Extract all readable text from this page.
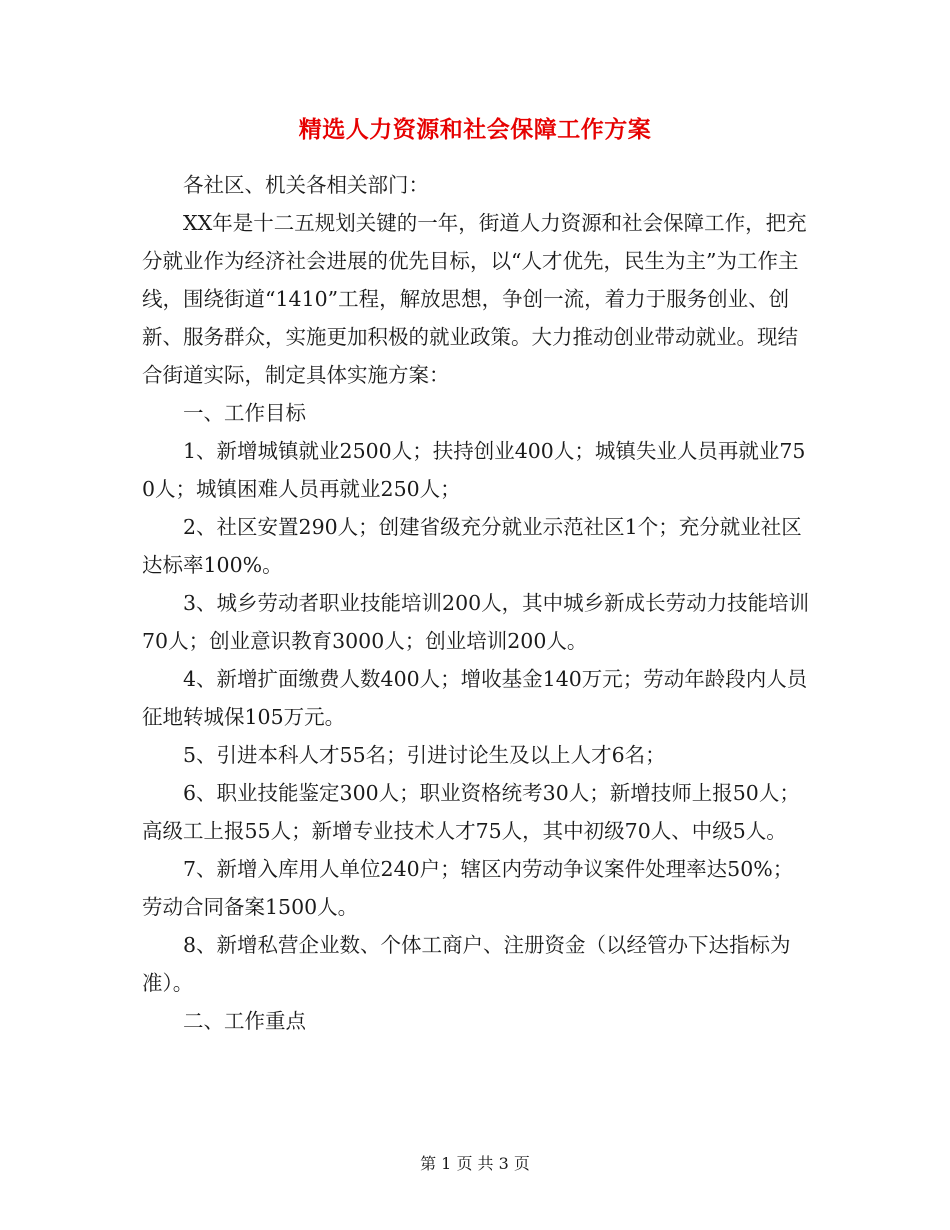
精选人力资源和社会保障工作方案

各社区、机关各相关部门：

XX年是十二五规划关键的一年，街道人力资源和社会保障工作，把充分就业作为经济社会进展的优先目标，以“人才优先，民生为主”为工作主线，围绕街道“1410”工程，解放思想，争创一流，着力于服务创业、创新、服务群众，实施更加积极的就业政策。大力推动创业带动就业。现结合街道实际，制定具体实施方案：

一、工作目标

1、新增城镇就业2500人；扶持创业400人；城镇失业人员再就业750人；城镇困难人员再就业250人；

2、社区安置290人；创建省级充分就业示范社区1个；充分就业社区达标率100%。

3、城乡劳动者职业技能培训200人，其中城乡新成长劳动力技能培训70人；创业意识教育3000人；创业培训200人。

4、新增扩面缴费人数400人；增收基金140万元；劳动年龄段内人员征地转城保105万元。

5、引进本科人才55名；引进讨论生及以上人才6名；

6、职业技能鉴定300人；职业资格统考30人；新增技师上报50人；高级工上报55人；新增专业技术人才75人，其中初级70人、中级5人。

7、新增入库用人单位240户；辖区内劳动争议案件处理率达50%；劳动合同备案1500人。

8、新增私营企业数、个体工商户、注册资金（以经管办下达指标为准）。

二、工作重点

第 1 页 共 3 页
